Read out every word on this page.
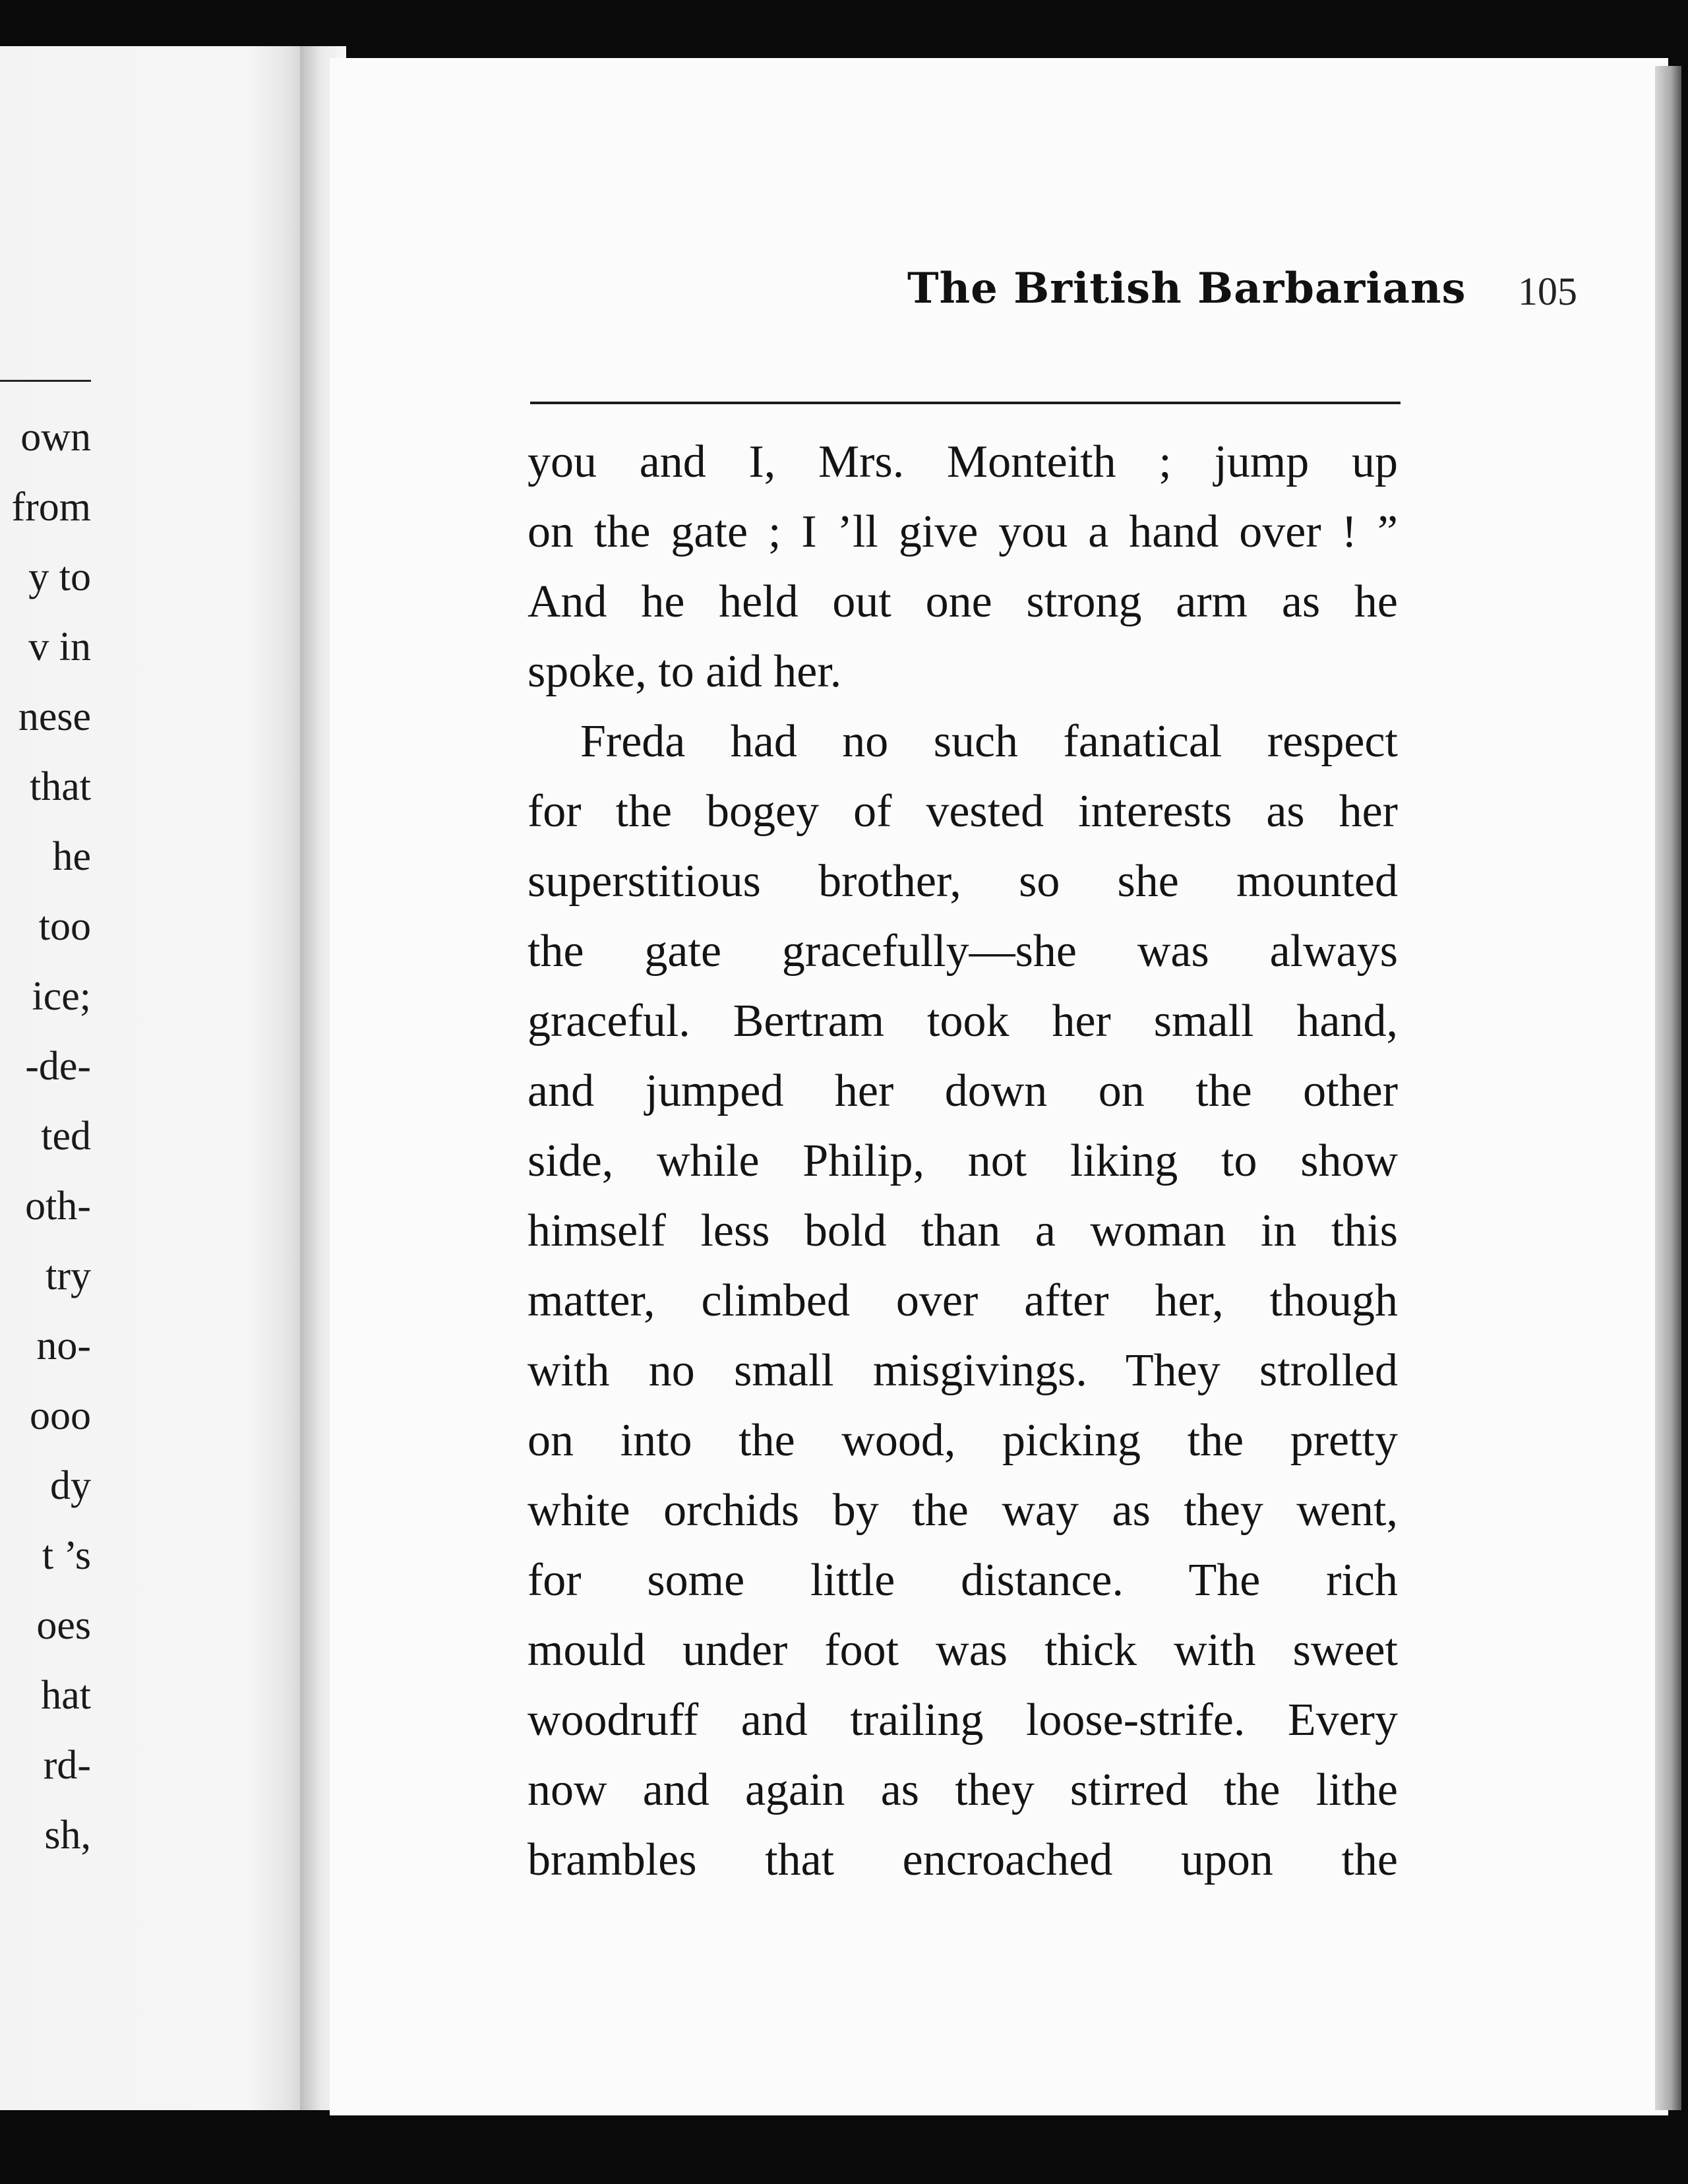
own
from
y to
v in
nese
that
he
too
ice;
-de-
ted
oth-
try
no-
ooo
dy
t ’s
oes
hat
rd-
sh,
The British Barbarians 105
you and I, Mrs. Monteith ; jump up
on the gate ; I ’ll give you a hand over ! ”
And he held out one strong arm as he
spoke, to aid her.
Freda had no such fanatical respect
for the bogey of vested interests as her
superstitious brother, so she mounted
the gate gracefully—she was always
graceful. Bertram took her small hand,
and jumped her down on the other
side, while Philip, not liking to show
himself less bold than a woman in this
matter, climbed over after her, though
with no small misgivings. They strolled
on into the wood, picking the pretty
white orchids by the way as they went,
for some little distance. The rich
mould under foot was thick with sweet
woodruff and trailing loose-strife. Every
now and again as they stirred the lithe
brambles that encroached upon the
